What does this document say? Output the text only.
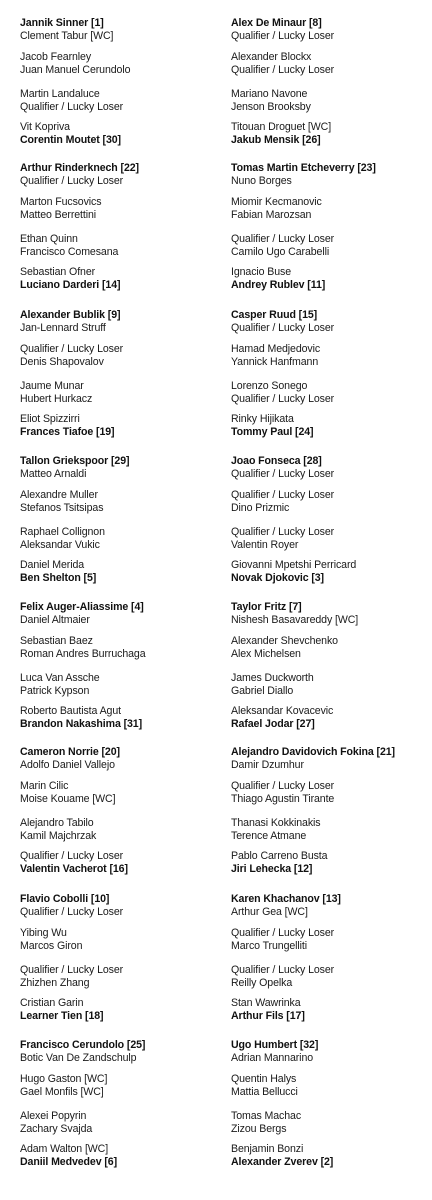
Jannik Sinner [1]
Clement Tabur [WC]
Jacob Fearnley
Juan Manuel Cerundolo
Martin Landaluce
Qualifier / Lucky Loser
Vit Kopriva
Corentin Moutet [30]
Arthur Rinderknech [22]
Qualifier / Lucky Loser
Marton Fucsovics
Matteo Berrettini
Ethan Quinn
Francisco Comesana
Sebastian Ofner
Luciano Darderi [14]
Alexander Bublik [9]
Jan-Lennard Struff
Qualifier / Lucky Loser
Denis Shapovalov
Jaume Munar
Hubert Hurkacz
Eliot Spizzirri
Frances Tiafoe [19]
Tallon Griekspoor [29]
Matteo Arnaldi
Alexandre Muller
Stefanos Tsitsipas
Raphael Collignon
Aleksandar Vukic
Daniel Merida
Ben Shelton [5]
Felix Auger-Aliassime [4]
Daniel Altmaier
Sebastian Baez
Roman Andres Burruchaga
Luca Van Assche
Patrick Kypson
Roberto Bautista Agut
Brandon Nakashima [31]
Cameron Norrie [20]
Adolfo Daniel Vallejo
Marin Cilic
Moise Kouame [WC]
Alejandro Tabilo
Kamil Majchrzak
Qualifier / Lucky Loser
Valentin Vacherot [16]
Flavio Cobolli [10]
Qualifier / Lucky Loser
Yibing Wu
Marcos Giron
Qualifier / Lucky Loser
Zhizhen Zhang
Cristian Garin
Learner Tien [18]
Francisco Cerundolo [25]
Botic Van De Zandschulp
Hugo Gaston [WC]
Gael Monfils [WC]
Alexei Popyrin
Zachary Svajda
Adam Walton [WC]
Daniil Medvedev [6]
Alex De Minaur [8]
Qualifier / Lucky Loser
Alexander Blockx
Qualifier / Lucky Loser
Mariano Navone
Jenson Brooksby
Titouan Droguet [WC]
Jakub Mensik [26]
Tomas Martin Etcheverry [23]
Nuno Borges
Miomir Kecmanovic
Fabian Marozsan
Qualifier / Lucky Loser
Camilo Ugo Carabelli
Ignacio Buse
Andrey Rublev [11]
Casper Ruud [15]
Qualifier / Lucky Loser
Hamad Medjedovic
Yannick Hanfmann
Lorenzo Sonego
Qualifier / Lucky Loser
Rinky Hijikata
Tommy Paul [24]
Joao Fonseca [28]
Qualifier / Lucky Loser
Qualifier / Lucky Loser
Dino Prizmic
Qualifier / Lucky Loser
Valentin Royer
Giovanni Mpetshi Perricard
Novak Djokovic [3]
Taylor Fritz [7]
Nishesh Basavareddy [WC]
Alexander Shevchenko
Alex Michelsen
James Duckworth
Gabriel Diallo
Aleksandar Kovacevic
Rafael Jodar [27]
Alejandro Davidovich Fokina [21]
Damir Dzumhur
Qualifier / Lucky Loser
Thiago Agustin Tirante
Thanasi Kokkinakis
Terence Atmane
Pablo Carreno Busta
Jiri Lehecka [12]
Karen Khachanov [13]
Arthur Gea [WC]
Qualifier / Lucky Loser
Marco Trungelliti
Qualifier / Lucky Loser
Reilly Opelka
Stan Wawrinka
Arthur Fils [17]
Ugo Humbert [32]
Adrian Mannarino
Quentin Halys
Mattia Bellucci
Tomas Machac
Zizou Bergs
Benjamin Bonzi
Alexander Zverev [2]
